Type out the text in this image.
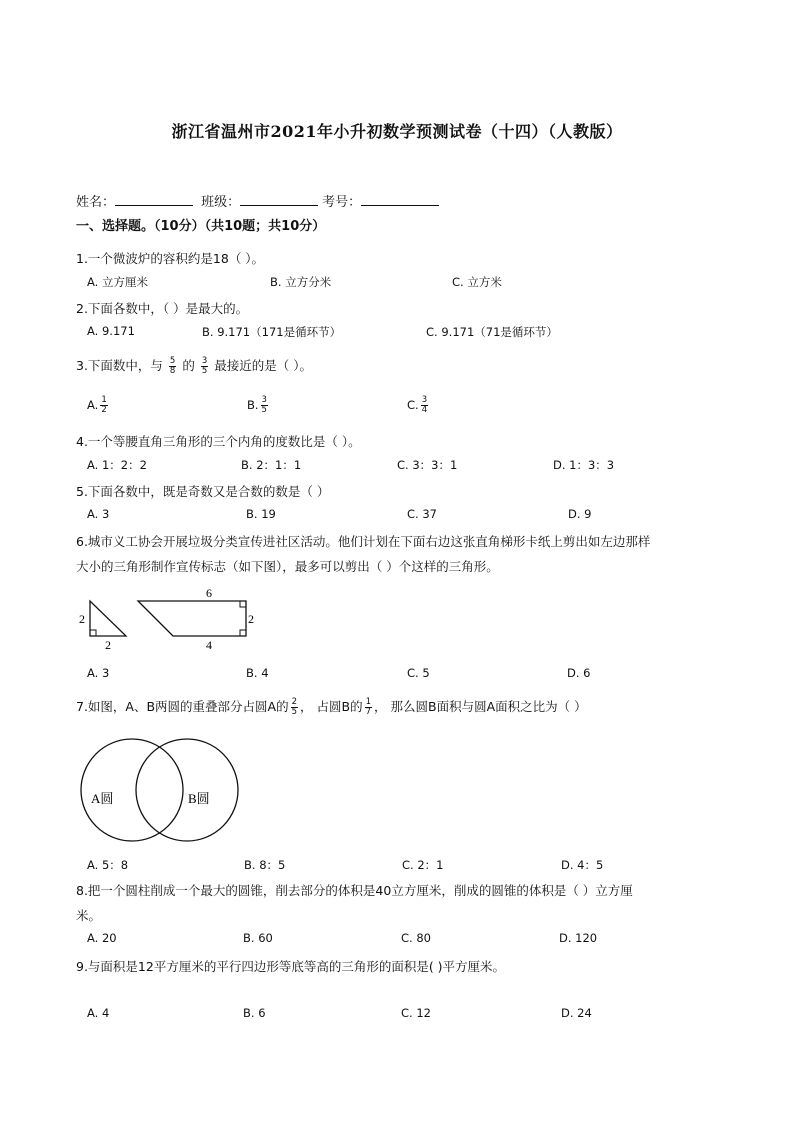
浙江省温州市2021年小升初数学预测试卷（十四）（人教版）
姓名：	班级：	考号：
一、选择题。（10分）（共10题；共10分）
1.一个微波炉的容积约是18（ ）。
A. 立方厘米	B. 立方分米	C. 立方米
2.下面各数中，（ ）是最大的。
A. 9.171	B. 9.171（171是循环节）	C. 9.171（71是循环节）
3.下面数中，与 $\frac{5}{8}$ 的 $\frac{3}{5}$ 最接近的是（ ）。
A. $\frac{1}{2}$	B. $\frac{3}{5}$	C. $\frac{3}{4}$
4.一个等腰直角三角形的三个内角的度数比是（ ）。
A. 1：2：2	B. 2：1：1	C. 3：3：1	D. 1：3：3
5.下面各数中，既是奇数又是合数的数是（ ）
A. 3	B. 19	C. 37	D. 9
6.城市义工协会开展垃圾分类宣传进社区活动。他们计划在下面右边这张直角梯形卡纸上剪出如左边那样
大小的三角形制作宣传标志（如下图），最多可以剪出（ ）个这样的三角形。
2
2
6
2
4
A. 3	B. 4	C. 5	D. 6
7.如图，A、B两圆的重叠部分占圆A的 $\frac{2}{5}$ ， 占圆B的 $\frac{1}{7}$ ， 那么圆B面积与圆A面积之比为（ ）
A圆	B圆
A. 5：8	B. 8：5	C. 2：1	D. 4：5
8.把一个圆柱削成一个最大的圆锥，削去部分的体积是40立方厘米，削成的圆锥的体积是（ ）立方厘
米。
A. 20	B. 60	C. 80	D. 120
9.与面积是12平方厘米的平行四边形等底等高的三角形的面积是( )平方厘米。
A. 4	B. 6	C. 12	D. 24
